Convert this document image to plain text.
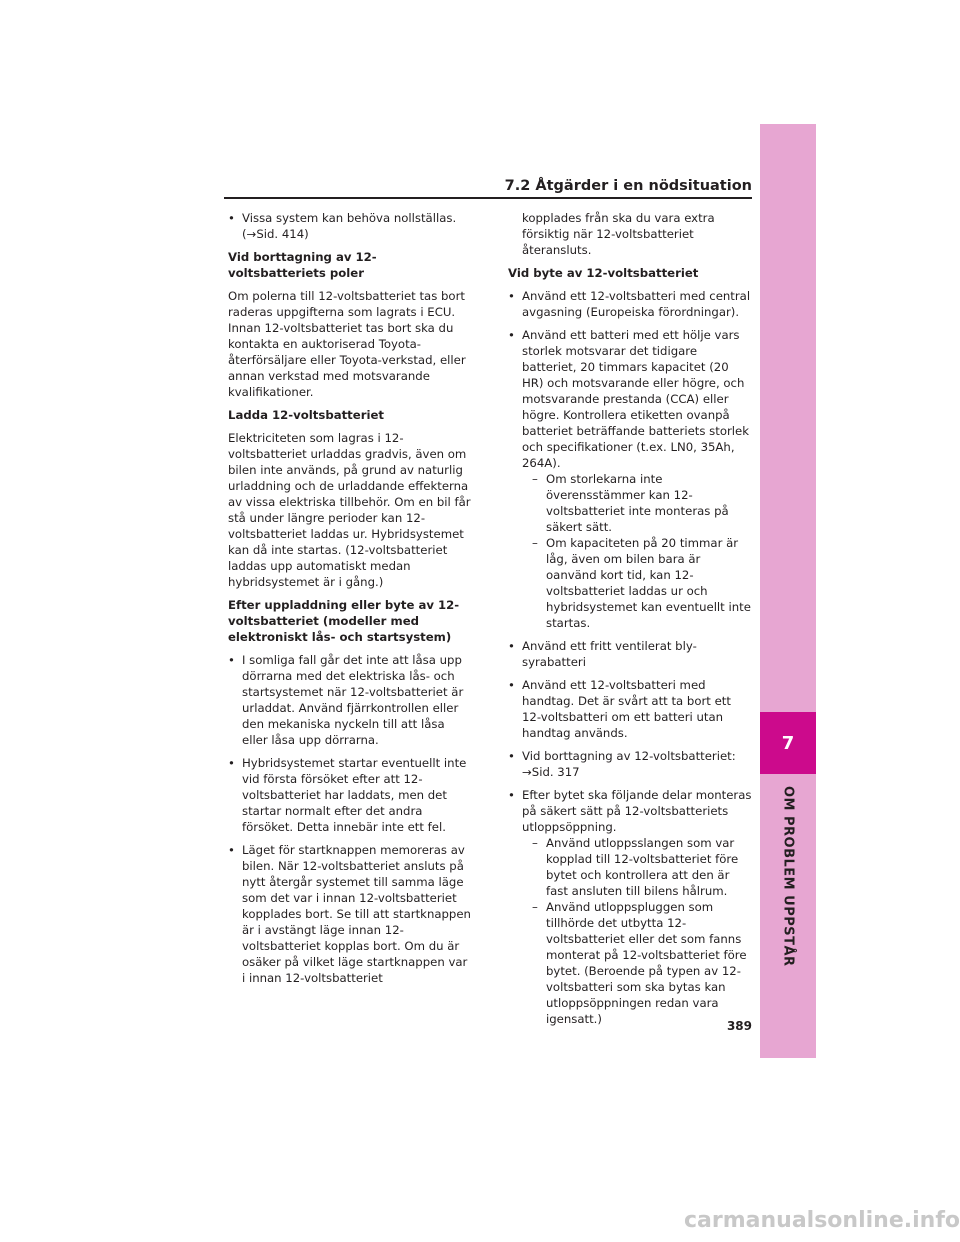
7
OM PROBLEM UPPSTÅR
7.2 Åtgärder i en nödsituation
• Vissa system kan behöva nollställas. (→Sid. 414)
Vid borttagning av 12-voltsbatteriets poler
Om polerna till 12-voltsbatteriet tas bort raderas uppgifterna som lagrats i ECU. Innan 12-voltsbatteriet tas bort ska du kontakta en auktoriserad Toyota-återförsäljare eller Toyota-verkstad, eller annan verkstad med motsvarande kvalifikationer.
Ladda 12-voltsbatteriet
Elektriciteten som lagras i 12-voltsbatteriet urladdas gradvis, även om bilen inte används, på grund av naturlig urladdning och de urladdande effekterna av vissa elektriska tillbehör. Om en bil får stå under längre perioder kan 12-voltsbatteriet laddas ur. Hybridsystemet kan då inte startas. (12-voltsbatteriet laddas upp automatiskt medan hybridsystemet är i gång.)
Efter uppladdning eller byte av 12-voltsbatteriet (modeller med elektroniskt lås- och startsystem)
• I somliga fall går det inte att låsa upp dörrarna med det elektriska lås- och startsystemet när 12-voltsbatteriet är urladdat. Använd fjärrkontrollen eller den mekaniska nyckeln till att låsa eller låsa upp dörrarna.
• Hybridsystemet startar eventuellt inte vid första försöket efter att 12-voltsbatteriet har laddats, men det startar normalt efter det andra försöket. Detta innebär inte ett fel.
• Läget för startknappen memoreras av bilen. När 12-voltsbatteriet ansluts på nytt återgår systemet till samma läge som det var i innan 12-voltsbatteriet kopplades bort. Se till att startknappen är i avstängt läge innan 12-voltsbatteriet kopplas bort. Om du är osäker på vilket läge startknappen var i innan 12-voltsbatteriet
kopplades från ska du vara extra försiktig när 12-voltsbatteriet återansluts.
Vid byte av 12-voltsbatteriet
• Använd ett 12-voltsbatteri med central avgasning (Europeiska förordningar).
• Använd ett batteri med ett hölje vars storlek motsvarar det tidigare batteriet, 20 timmars kapacitet (20 HR) och motsvarande eller högre, och motsvarande prestanda (CCA) eller högre. Kontrollera etiketten ovanpå batteriet beträffande batteriets storlek och specifikationer (t.ex. LN0, 35Ah, 264A).
– Om storlekarna inte överensstämmer kan 12-voltsbatteriet inte monteras på säkert sätt.
– Om kapaciteten på 20 timmar är låg, även om bilen bara är oanvänd kort tid, kan 12-voltsbatteriet laddas ur och hybridsystemet kan eventuellt inte startas.
• Använd ett fritt ventilerat bly-syrabatteri
• Använd ett 12-voltsbatteri med handtag. Det är svårt att ta bort ett 12-voltsbatteri om ett batteri utan handtag används.
• Vid borttagning av 12-voltsbatteriet: →Sid. 317
• Efter bytet ska följande delar monteras på säkert sätt på 12-voltsbatteriets utloppsöppning.
– Använd utloppsslangen som var kopplad till 12-voltsbatteriet före bytet och kontrollera att den är fast ansluten till bilens hålrum.
– Använd utloppspluggen som tillhörde det utbytta 12-voltsbatteriet eller det som fanns monterat på 12-voltsbatteriet före bytet. (Beroende på typen av 12-voltsbatteri som ska bytas kan utloppsöppningen redan vara igensatt.)	389
carmanualsonline.info
